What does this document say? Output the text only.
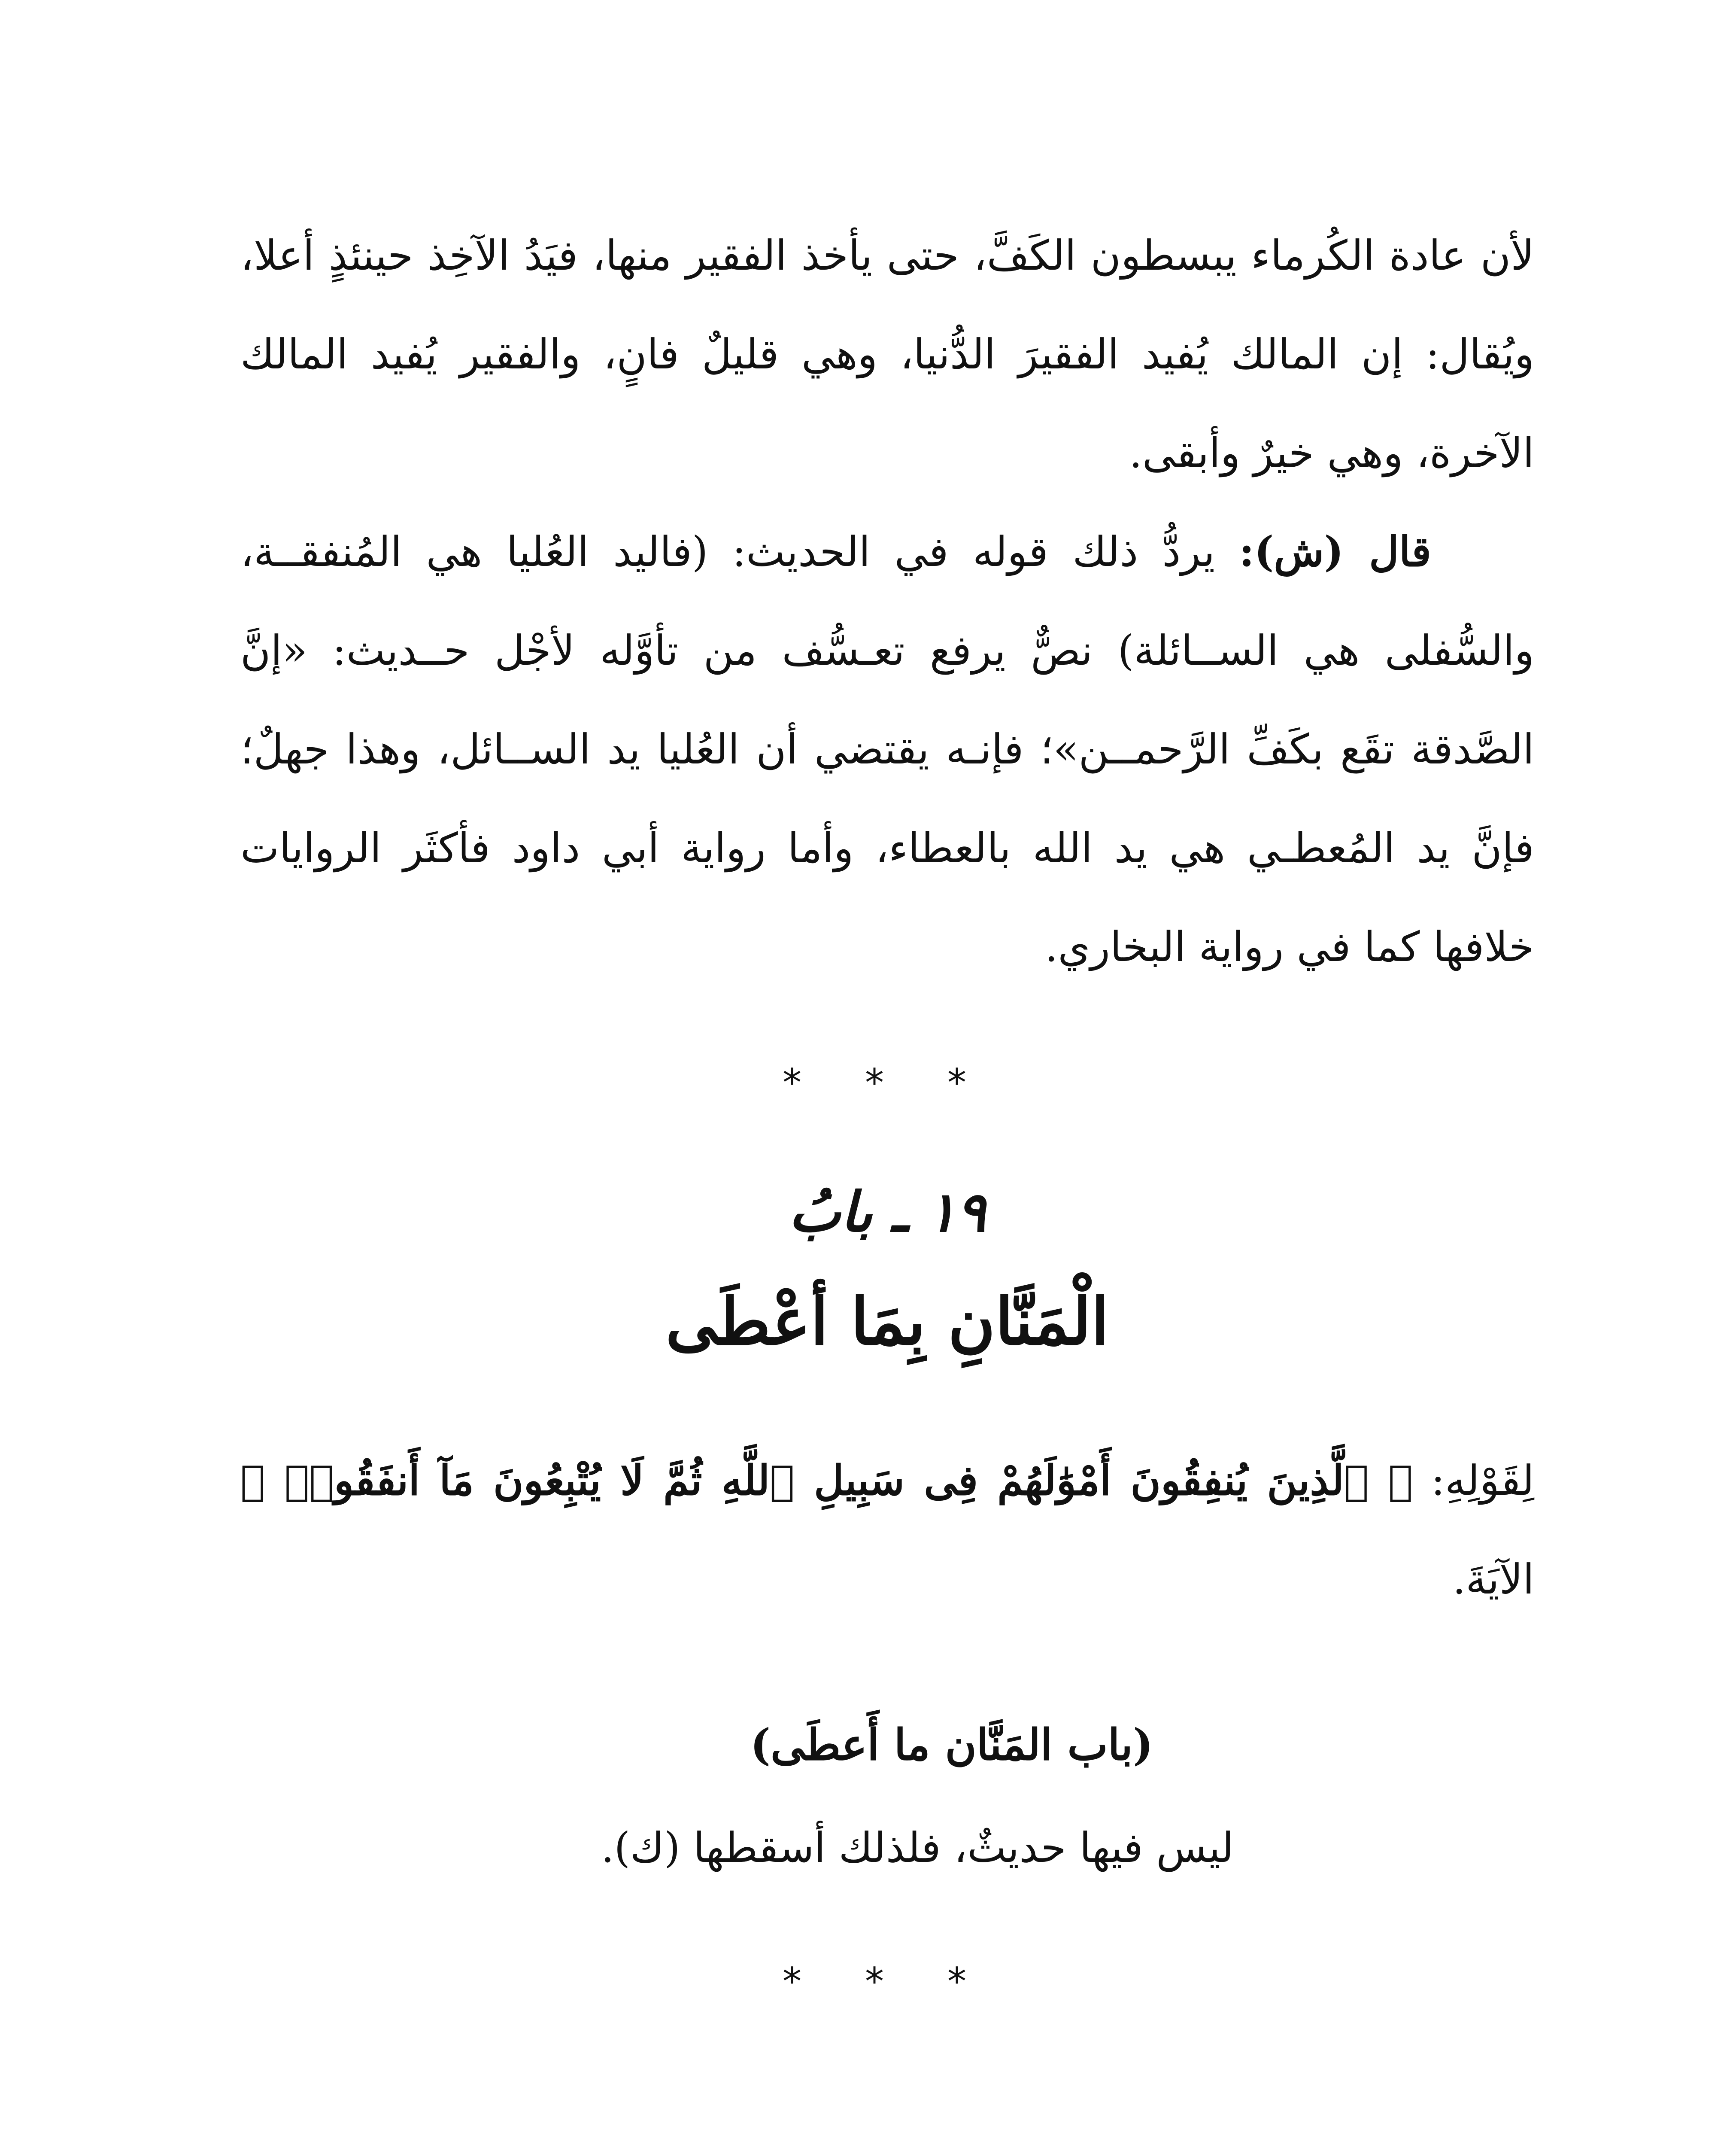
لأن عادة الكُرماء يبسطون الكَفَّ، حتى يأخذ الفقير منها، فيَدُ الآخِذ حينئذٍ أعلا، ويُقال: إن المالك يُفيد الفقيرَ الدُّنيا، وهي قليلٌ فانٍ، والفقير يُفيد المالك الآخرة، وهي خيرٌ وأبقى.

قال (ش): يردُّ ذلك قوله في الحديث: (فاليد العُليا هي المُنفقــة، والسُّفلى هي الســائلة) نصٌّ يرفع تعـسُّف من تأوَّله لأجْل حــديث: «إنَّ الصَّدقة تقَع بكَفِّ الرَّحمــن»؛ فإنـه يقتضي أن العُليا يد الســائل، وهذا جهلٌ؛ فإنَّ يد المُعطـي هي يد الله بالعطاء، وأما رواية أبي داود فأكثَر الروايات خلافها كما في رواية البخاري.

* * *
١٩ ـ بابُ
الْمَنَّانِ بِمَا أعْطَى

لِقَوْلِهِ: ﴿ ٱلَّذِينَ يُنفِقُونَ أَمْوَٰلَهُمْ فِى سَبِيلِ ٱللَّهِ ثُمَّ لَا يُتْبِعُونَ مَآ أَنفَقُوا۟ ﴾ الآيَةَ.

(باب المَنَّان ما أَعطَى)

ليس فيها حديثٌ، فلذلك أسقطها (ك).

* * *
